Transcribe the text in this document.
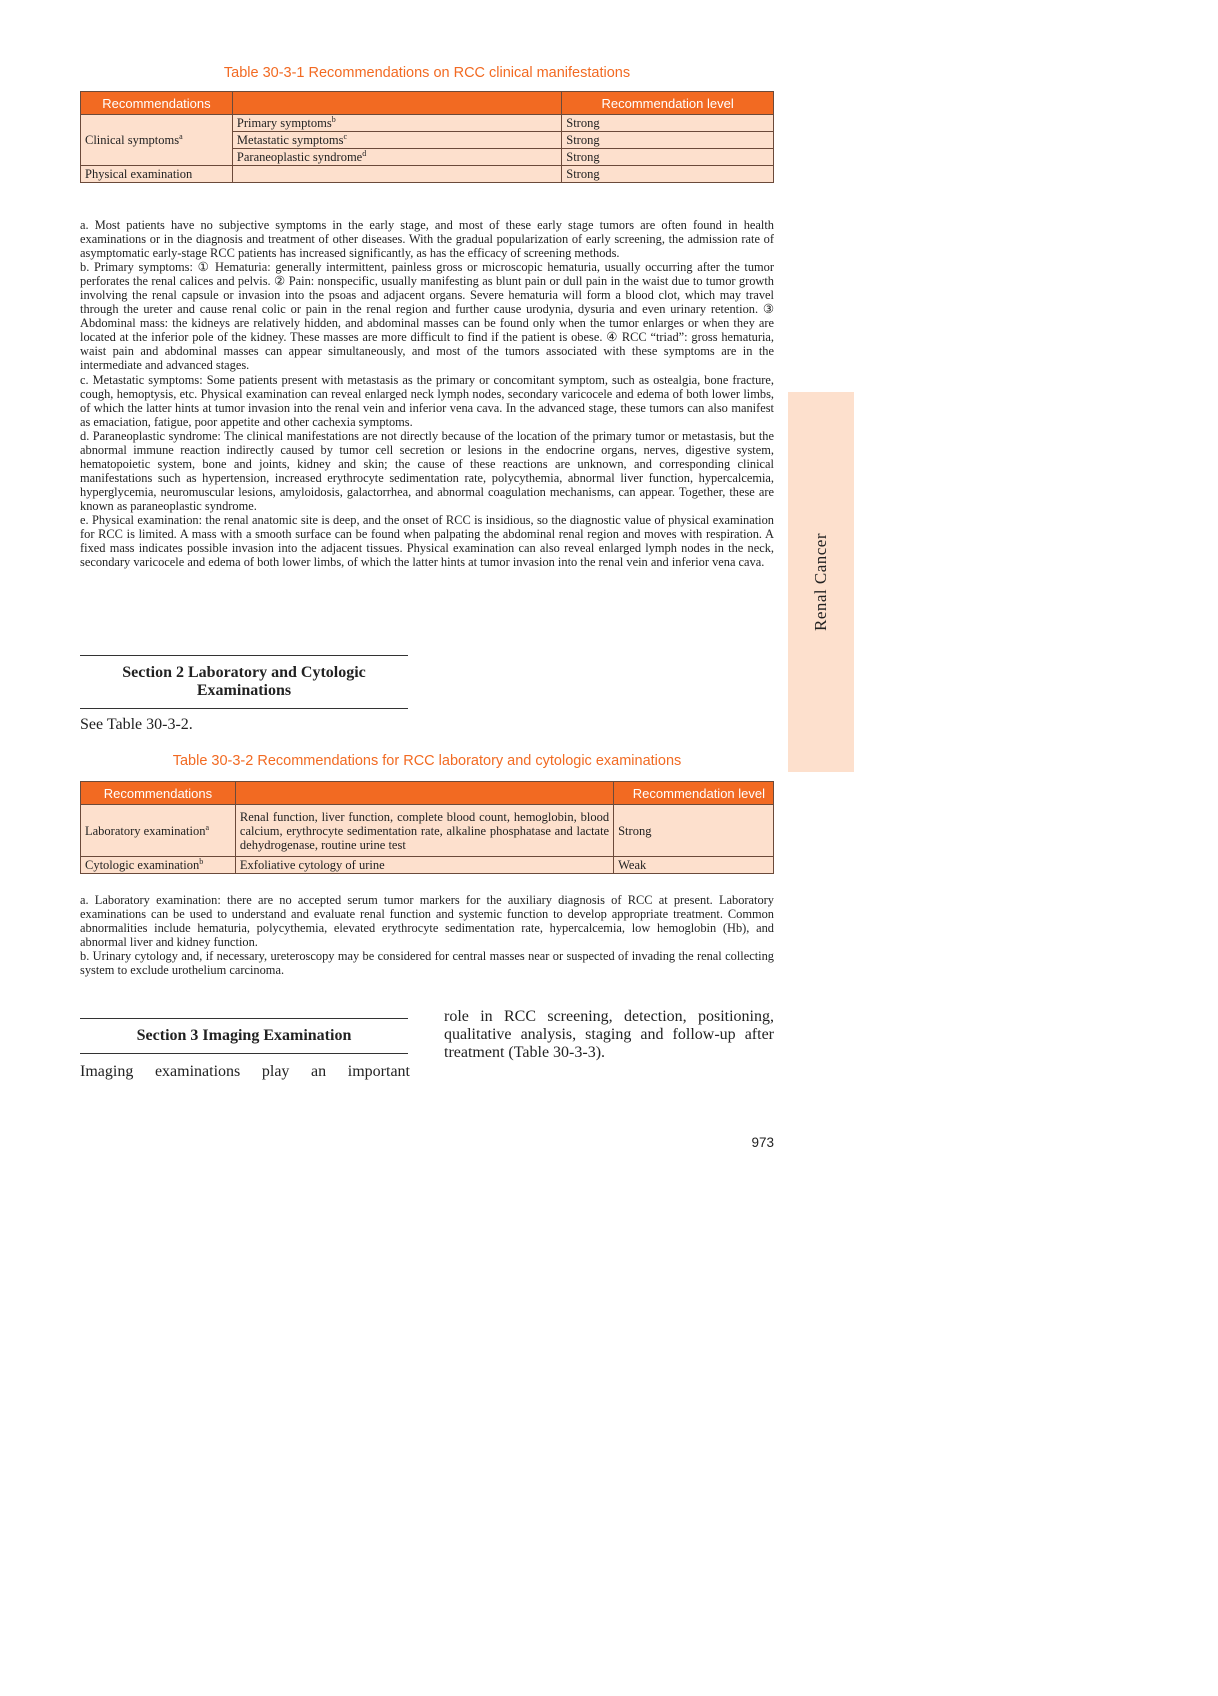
Table 30-3-1 Recommendations on RCC clinical manifestations
Recommendations		Recommendation level
Clinical symptoms$^a$	Primary symptoms$^b$	Strong
	Metastatic symptoms$^c$	Strong
	Paraneoplastic syndrome$^d$	Strong
Physical examination		Strong

a. Most patients have no subjective symptoms in the early stage, and most of these early stage tumors are often found in health examinations or in the diagnosis and treatment of other diseases. With the gradual popularization of early screening, the admission rate of asymptomatic early-stage RCC patients has increased significantly, as has the efficacy of screening methods.

b. Primary symptoms: ① Hematuria: generally intermittent, painless gross or microscopic hematuria, usually occurring after the tumor perforates the renal calices and pelvis. ② Pain: nonspecific, usually manifesting as blunt pain or dull pain in the waist due to tumor growth involving the renal capsule or invasion into the psoas and adjacent organs. Severe hematuria will form a blood clot, which may travel through the ureter and cause renal colic or pain in the renal region and further cause urodynia, dysuria and even urinary retention. ③ Abdominal mass: the kidneys are relatively hidden, and abdominal masses can be found only when the tumor enlarges or when they are located at the inferior pole of the kidney. These masses are more difficult to find if the patient is obese. ④ RCC “triad”: gross hematuria, waist pain and abdominal masses can appear simultaneously, and most of the tumors associated with these symptoms are in the intermediate and advanced stages.

c. Metastatic symptoms: Some patients present with metastasis as the primary or concomitant symptom, such as ostealgia, bone fracture, cough, hemoptysis, etc. Physical examination can reveal enlarged neck lymph nodes, secondary varicocele and edema of both lower limbs, of which the latter hints at tumor invasion into the renal vein and inferior vena cava. In the advanced stage, these tumors can also manifest as emaciation, fatigue, poor appetite and other cachexia symptoms.

d. Paraneoplastic syndrome: The clinical manifestations are not directly because of the location of the primary tumor or metastasis, but the abnormal immune reaction indirectly caused by tumor cell secretion or lesions in the endocrine organs, nerves, digestive system, hematopoietic system, bone and joints, kidney and skin; the cause of these reactions are unknown, and corresponding clinical manifestations such as hypertension, increased erythrocyte sedimentation rate, polycythemia, abnormal liver function, hypercalcemia, hyperglycemia, neuromuscular lesions, amyloidosis, galactorrhea, and abnormal coagulation mechanisms, can appear. Together, these are known as paraneoplastic syndrome.

e. Physical examination: the renal anatomic site is deep, and the onset of RCC is insidious, so the diagnostic value of physical examination for RCC is limited. A mass with a smooth surface can be found when palpating the abdominal renal region and moves with respiration. A fixed mass indicates possible invasion into the adjacent tissues. Physical examination can also reveal enlarged lymph nodes in the neck, secondary varicocele and edema of both lower limbs, of which the latter hints at tumor invasion into the renal vein and inferior vena cava.

Section 2 Laboratory and Cytologic
Examinations
See Table 30-3-2.
Table 30-3-2 Recommendations for RCC laboratory and cytologic examinations
Recommendations		Recommendation level
Laboratory examination$^a$	Renal function, liver function, complete blood count, hemoglobin, blood calcium, erythrocyte sedimentation rate, alkaline phosphatase and lactate dehydrogenase, routine urine test	Strong
Cytologic examination$^b$	Exfoliative cytology of urine	Weak

a. Laboratory examination: there are no accepted serum tumor markers for the auxiliary diagnosis of RCC at present. Laboratory examinations can be used to understand and evaluate renal function and systemic function to develop appropriate treatment. Common abnormalities include hematuria, polycythemia, elevated erythrocyte sedimentation rate, hypercalcemia, low hemoglobin (Hb), and abnormal liver and kidney function.

b. Urinary cytology and, if necessary, ureteroscopy may be considered for central masses near or suspected of invading the renal collecting system to exclude urothelium carcinoma.

Section 3 Imaging Examination
Imaging examinations play an important
role in RCC screening, detection, positioning, qualitative analysis, staging and follow-up after treatment (Table 30-3-3).
Renal Cancer
973
